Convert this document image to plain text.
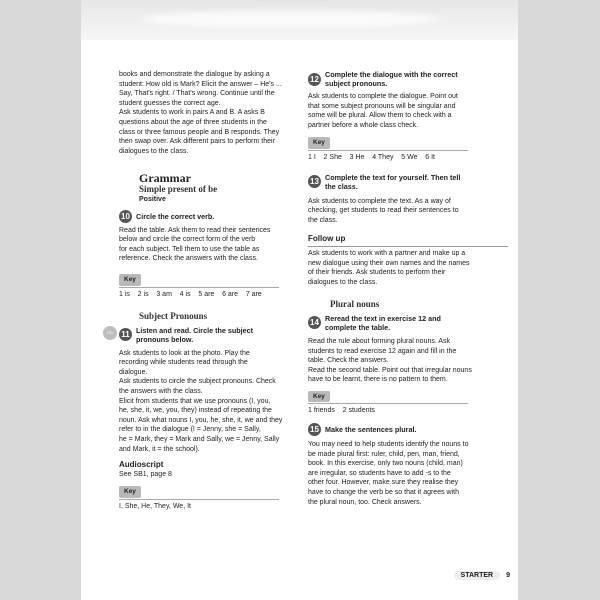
books and demonstrate the dialogue by asking a

student: How old is Mark? Elicit the answer – He's ...

Say, That's right. / That's wrong. Continue until the

student guesses the correct age.

Ask students to work in pairs A and B. A asks B

questions about the age of three students in the

class or three famous people and B responds. They

then swap over. Ask different pairs to perform their

dialogues to the class.

Grammar
Simple present of be
Positive
10 Circle the correct verb.

Read the table. Ask them to read their sentences

below and circle the correct form of the verb

for each subject. Tell them to use the table as

reference. Check the answers with the class.

Key

1 is    2 is    3 am    4 is    5 are    6 are    7 are

Subject Pronouns
CD	11 Listen and read. Circle the subject
pronouns below.

Ask students to look at the photo. Play the

recording while students read through the

dialogue.

Ask students to circle the subject pronouns. Check

the answers with the class.

Elicit from students that we use pronouns (I, you,

he, she, it, we, you, they) instead of repeating the

noun. Ask what nouns I, you, he, she, it, we and they

refer to in the dialogue (I = Jenny, she = Sally,

he = Mark, they = Mark and Sally, we = Jenny, Sally

and Mark, it = the school).

Audioscript

See SB1, page 8

Key

I, She, He, They, We, It

12 Complete the dialogue with the correct
subject pronouns.

Ask students to complete the dialogue. Point out

that some subject pronouns will be singular and

some will be plural. Allow them to check with a

partner before a whole class check.

Key

1 I    2 She    3 He    4 They    5 We    6 It

13 Complete the text for yourself. Then tell
the class.

Ask students to complete the text. As a way of

checking, get students to read their sentences to

the class.

Follow up

Ask students to work with a partner and make up a

new dialogue using their own names and the names

of their friends. Ask students to perform their

dialogues to the class.

Plural nouns
14 Reread the text in exercise 12 and
complete the table.

Read the rule about forming plural nouns. Ask

students to read exercise 12 again and fill in the

table. Check the answers.

Read the second table. Point out that irregular nouns

have to be learnt, there is no pattern to them.

Key

1 friends    2 students

15 Make the sentences plural.

You may need to help students identify the nouns to

be made plural first: ruler, child, pen, man, friend,

book. In this exercise, only two nouns (child, man)

are irregular, so students have to add -s to the

other four. However, make sure they realise they

have to change the verb be so that it agrees with

the plural noun, too. Check answers.

STARTER	9
